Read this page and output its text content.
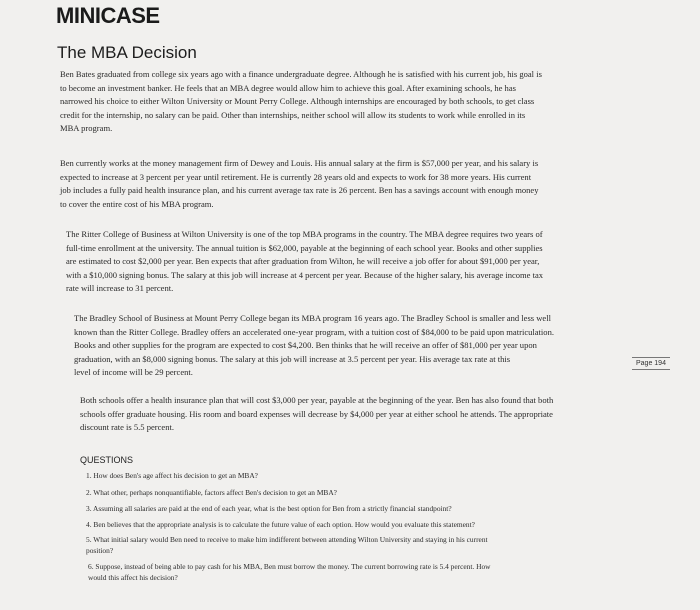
MINICASE
The MBA Decision

Ben Bates graduated from college six years ago with a finance undergraduate degree. Although he is satisfied with his current job, his goal is
to become an investment banker. He feels that an MBA degree would allow him to achieve this goal. After examining schools, he has
narrowed his choice to either Wilton University or Mount Perry College. Although internships are encouraged by both schools, to get class
credit for the internship, no salary can be paid. Other than internships, neither school will allow its students to work while enrolled in its
MBA program.

Ben currently works at the money management firm of Dewey and Louis. His annual salary at the firm is $57,000 per year, and his salary is
expected to increase at 3 percent per year until retirement. He is currently 28 years old and expects to work for 38 more years. His current
job includes a fully paid health insurance plan, and his current average tax rate is 26 percent. Ben has a savings account with enough money
to cover the entire cost of his MBA program.

The Ritter College of Business at Wilton University is one of the top MBA programs in the country. The MBA degree requires two years of
full-time enrollment at the university. The annual tuition is $62,000, payable at the beginning of each school year. Books and other supplies
are estimated to cost $2,000 per year. Ben expects that after graduation from Wilton, he will receive a job offer for about $91,000 per year,
with a $10,000 signing bonus. The salary at this job will increase at 4 percent per year. Because of the higher salary, his average income tax
rate will increase to 31 percent.

The Bradley School of Business at Mount Perry College began its MBA program 16 years ago. The Bradley School is smaller and less well
known than the Ritter College. Bradley offers an accelerated one-year program, with a tuition cost of $84,000 to be paid upon matriculation.
Books and other supplies for the program are expected to cost $4,200. Ben thinks that he will receive an offer of $81,000 per year upon
graduation, with an $8,000 signing bonus. The salary at this job will increase at 3.5 percent per year. His average tax rate at this
level of income will be 29 percent.

Page 194

Both schools offer a health insurance plan that will cost $3,000 per year, payable at the beginning of the year. Ben has also found that both
schools offer graduate housing. His room and board expenses will decrease by $4,000 per year at either school he attends. The appropriate
discount rate is 5.5 percent.

QUESTIONS

1. How does Ben's age affect his decision to get an MBA?

2. What other, perhaps nonquantifiable, factors affect Ben's decision to get an MBA?

3. Assuming all salaries are paid at the end of each year, what is the best option for Ben from a strictly financial standpoint?

4. Ben believes that the appropriate analysis is to calculate the future value of each option. How would you evaluate this statement?

5. What initial salary would Ben need to receive to make him indifferent between attending Wilton University and staying in his current
position?

6. Suppose, instead of being able to pay cash for his MBA, Ben must borrow the money. The current borrowing rate is 5.4 percent. How
would this affect his decision?
